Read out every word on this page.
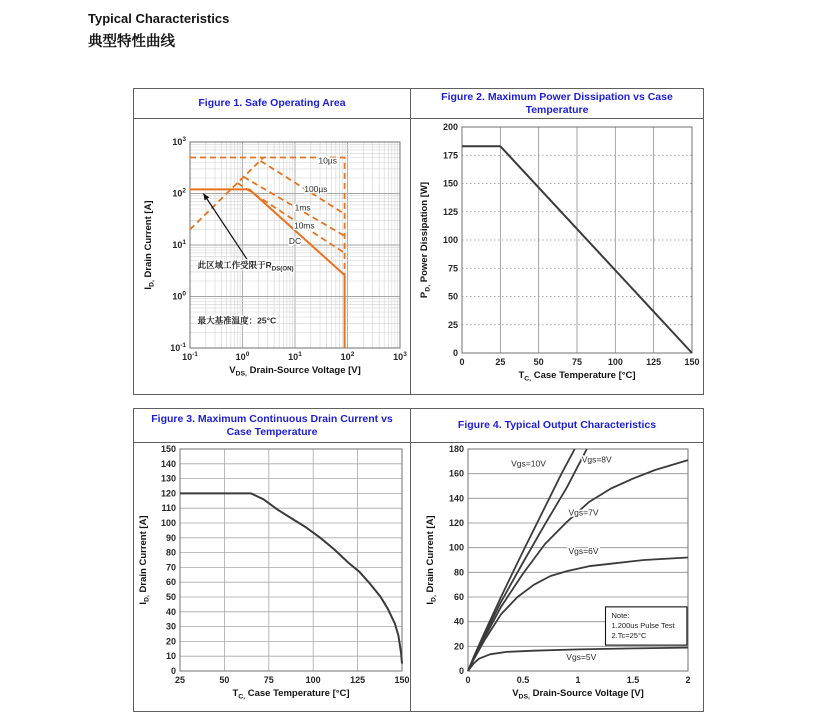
Typical Characteristics
典型特性曲线
Figure 1. Safe Operating Area
Figure 2. Maximum Power Dissipation vs Case Temperature
$10^{-1}$	$10^0$	$10^1$	$10^2$	$10^3$
$10^{-1}$
$10^0$
$10^1$
$10^2$
$10^3$
$V_{DS,}$ Drain-Source Voltage [V]
$I_{D,}$ Drain Current [A]
10µs
100µs
1ms
10ms
DC
此区域工作受限于$R_{DS(ON)}$
最大基准温度：25°C
0	25	50	75	100	125	150
0
25
50
75
100
125
150
175
200
$T_{C,}$ Case Temperature [°C]
$P_{D,}$ Power Dissipation [W]
Figure 3. Maximum Continuous Drain Current vs Case Temperature
Figure 4. Typical Output Characteristics
25	50	75	100	125	150
0
10
20
30
40
50
60
70
80
90
100
110
120
130
140
150
$T_{C,}$ Case Temperature [°C]
$I_{D,}$ Drain Current [A]
0	0.5	1	1.5	2
0
20
40
60
80
100
120
140
160
180
$V_{DS,}$ Drain-Source Voltage [V]
$I_{D,}$ Drain Current [A]
Note:
1.200us Pulse Test
2.Tc=25°C
Vgs=10V	Vgs=8V
Vgs=7V
Vgs=6V
Vgs=5V
